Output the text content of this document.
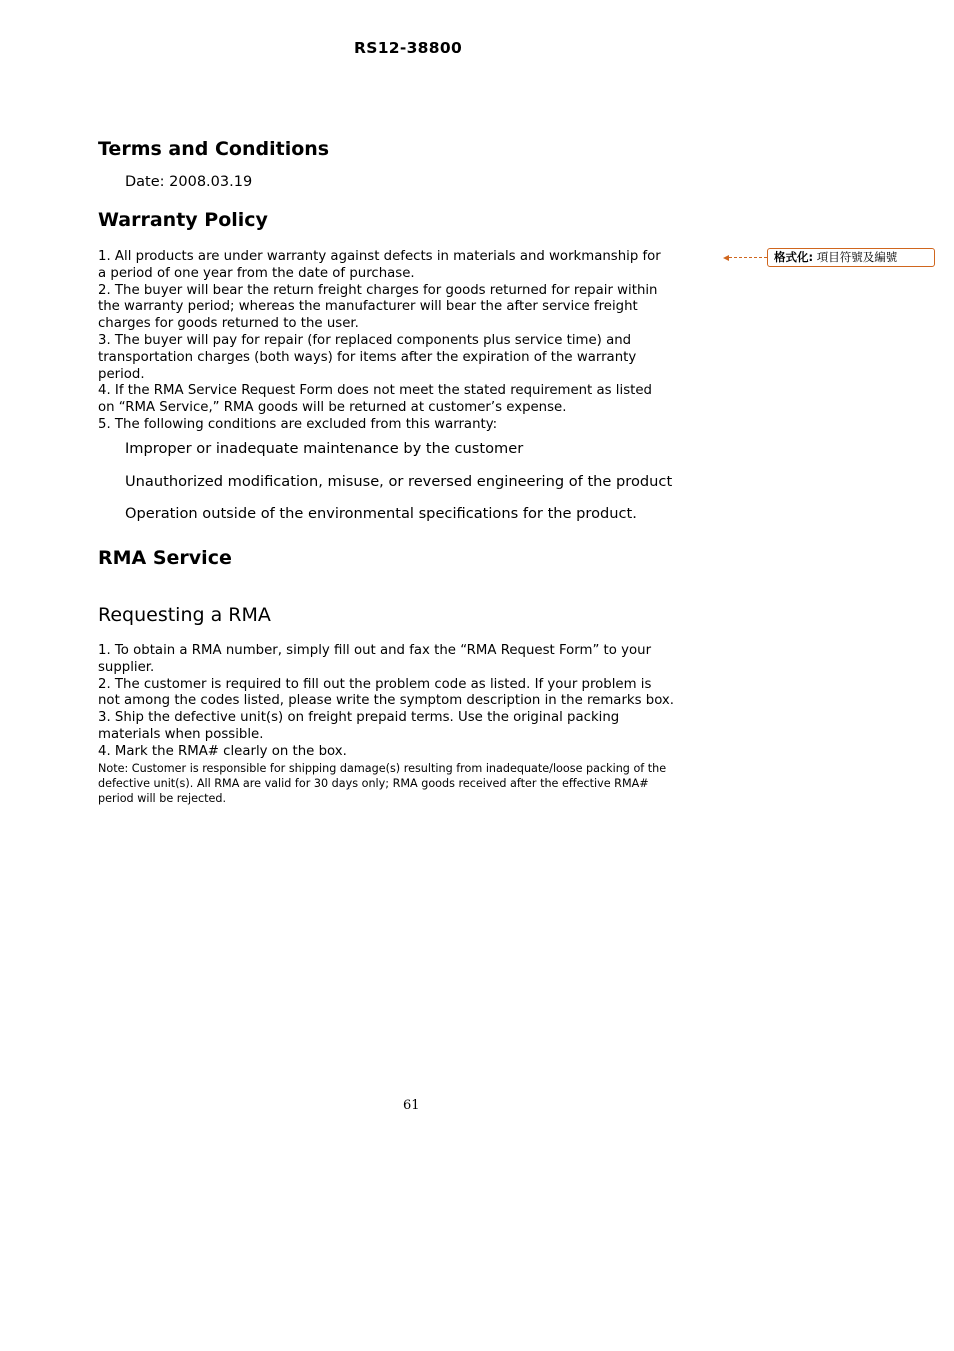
RS12-38800
Terms and Conditions
Date: 2008.03.19
Warranty Policy
1. All products are under warranty against defects in materials and workmanship for
a period of one year from the date of purchase.
2. The buyer will bear the return freight charges for goods returned for repair within
the warranty period; whereas the manufacturer will bear the after service freight
charges for goods returned to the user.
3. The buyer will pay for repair (for replaced components plus service time) and
transportation charges (both ways) for items after the expiration of the warranty
period.
4. If the RMA Service Request Form does not meet the stated requirement as listed
on “RMA Service,” RMA goods will be returned at customer’s expense.
5. The following conditions are excluded from this warranty:
Improper or inadequate maintenance by the customer
Unauthorized modification, misuse, or reversed engineering of the product
Operation outside of the environmental specifications for the product.
RMA Service
Requesting a RMA
1. To obtain a RMA number, simply fill out and fax the “RMA Request Form” to your
supplier.
2. The customer is required to fill out the problem code as listed. If your problem is
not among the codes listed, please write the symptom description in the remarks box.
3. Ship the defective unit(s) on freight prepaid terms. Use the original packing
materials when possible.
4. Mark the RMA# clearly on the box.
Note: Customer is responsible for shipping damage(s) resulting from inadequate/loose packing of the
defective unit(s). All RMA are valid for 30 days only; RMA goods received after the effective RMA#
period will be rejected.
格式化: 項目符號及編號
61
